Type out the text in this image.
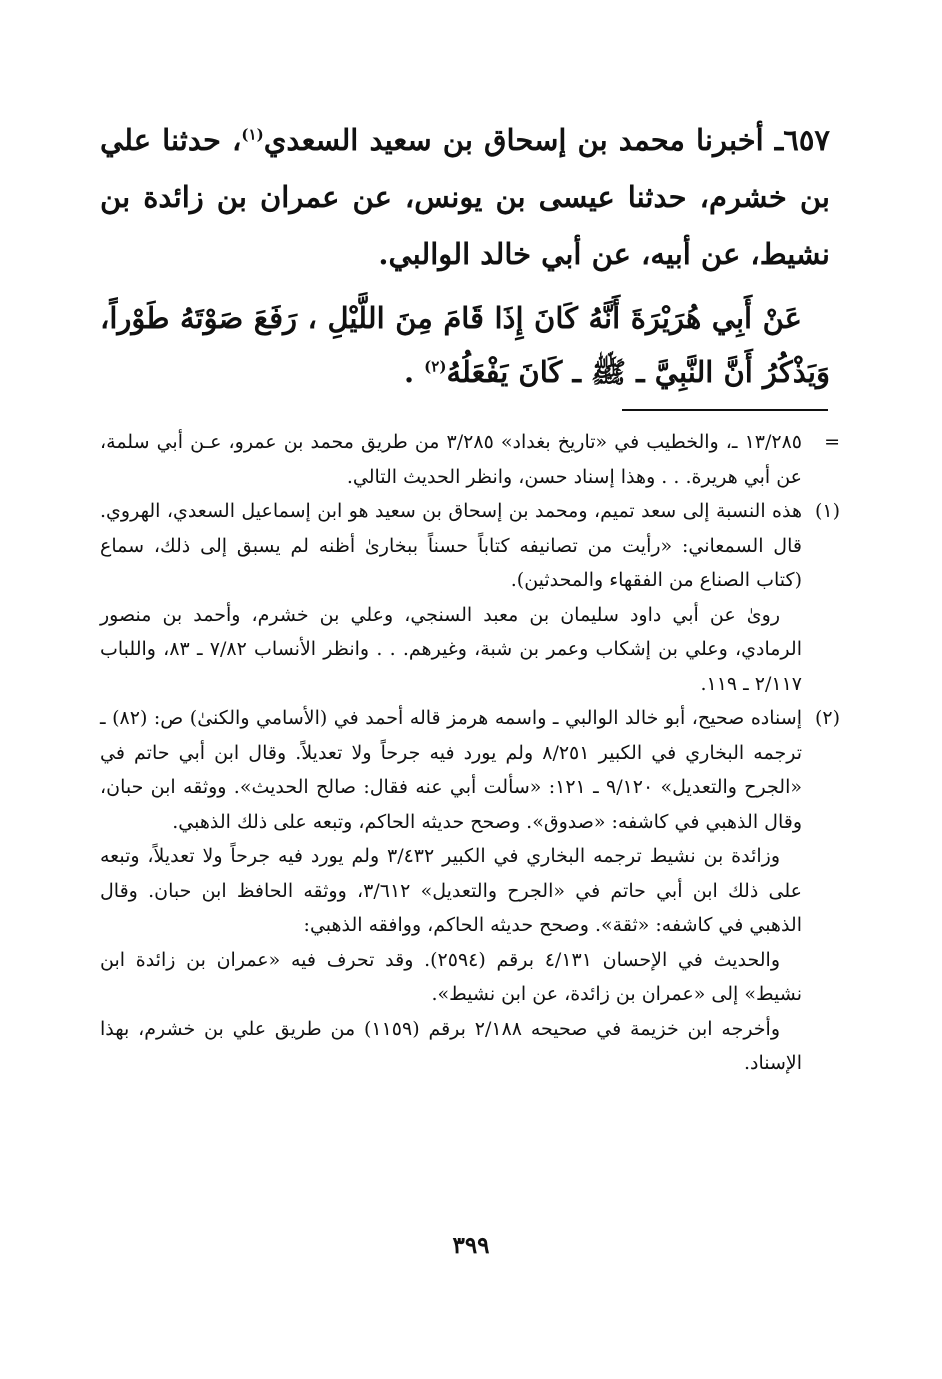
٦٥٧ـ أخبرنا محمد بن إسحاق بن سعيد السعدي$^{(١)}$، حدثنا علي بن خشرم، حدثنا عيسى بن يونس، عن عمران بن زائدة بن نشيط، عن أبيه، عن أبي خالد الوالبي.

عَنْ أَبِي هُرَيْرَةَ أَنَّهُ كَانَ إِذَا قَامَ مِنَ اللَّيْلِ ، رَفَعَ صَوْتَهُ طَوْراً، وَيَذْكُرُ أَنَّ النَّبِيَّ ـ ﷺ ـ كَانَ يَفْعَلُهُ$^{(٢)}$ .

=
١٣/٢٨٥ ـ، والخطيب في «تاريخ بغداد» ٣/٢٨٥ من طريق محمد بن عمرو، عـن أبي سلمة، عن أبي هريرة. . . وهذا إسناد حسن، وانظر الحديث التالي.

(١)
هذه النسبة إلى سعد تميم، ومحمد بن إسحاق بن سعيد هو ابن إسماعيل السعدي، الهروي. قال السمعاني: «رأيت من تصانيفه كتاباً حسناً ببخارىٰ أظنه لم يسبق إلى ذلك، سماع (كتاب الصناع من الفقهاء والمحدثين).

روىٰ عن أبي داود سليمان بن معبد السنجي، وعلي بن خشرم، وأحمد بن منصور الرمادي، وعلي بن إشكاب وعمر بن شبة، وغيرهم. . . وانظر الأنساب ٧/٨٢ ـ ٨٣، واللباب ٢/١١٧ ـ ١١٩.

(٢)
إسناده صحيح، أبو خالد الوالبي ـ واسمه هرمز قاله أحمد في (الأسامي والكنىٰ) ص: (٨٢) ـ ترجمه البخاري في الكبير ٨/٢٥١ ولم يورد فيه جرحاً ولا تعديلاً. وقال ابن أبي حاتم في «الجرح والتعديل» ٩/١٢٠ ـ ١٢١: «سألت أبي عنه فقال: صالح الحديث». ووثقه ابن حبان، وقال الذهبي في كاشفه: «صدوق». وصحح حديثه الحاكم، وتبعه على ذلك الذهبي.

وزائدة بن نشيط ترجمه البخاري في الكبير ٣/٤٣٢ ولم يورد فيه جرحاً ولا تعديلاً، وتبعه على ذلك ابن أبي حاتم في «الجرح والتعديل» ٣/٦١٢، ووثقه الحافظ ابن حبان. وقال الذهبي في كاشفه: «ثقة». وصحح حديثه الحاكم، ووافقه الذهبي:

والحديث في الإحسان ٤/١٣١ برقم (٢٥٩٤). وقد تحرف فيه «عمران بن زائدة ابن نشيط» إلى «عمران بن زائدة، عن ابن نشيط».

وأخرجه ابن خزيمة في صحيحه ٢/١٨٨ برقم (١١٥٩) من طريق علي بن خشرم، بهذا الإسناد.

٣٩٩
